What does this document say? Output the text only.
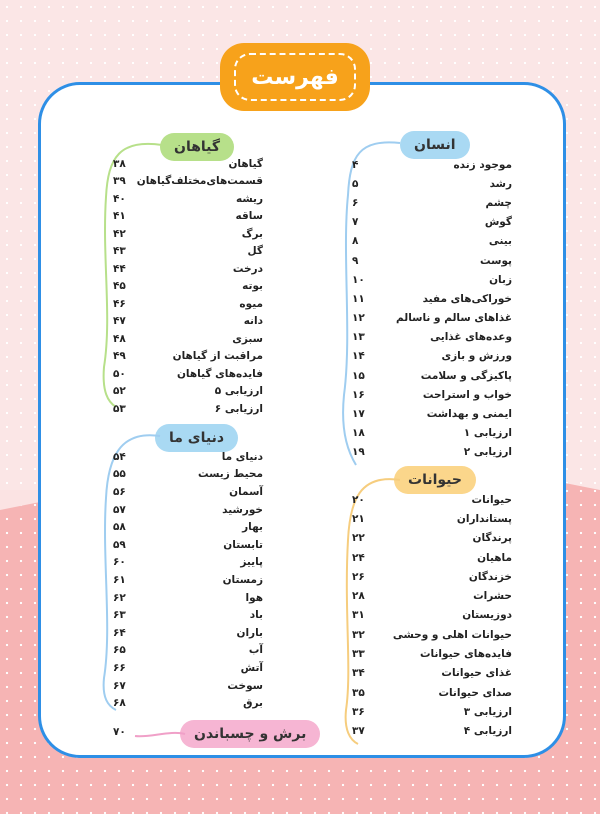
فهرست
انسان
موجود زنده
۴
رشد
۵
چشم
۶
گوش
۷
بینی
۸
پوست
۹
زبان
۱۰
خوراکی‌های مفید
۱۱
غذاهای سالم و ناسالم
۱۲
وعده‌های غذایی
۱۳
ورزش و بازی
۱۴
پاکیزگی و سلامت
۱۵
خواب و استراحت
۱۶
ایمنی و بهداشت
۱۷
ارزیابی ۱
۱۸
ارزیابی ۲
۱۹
حیوانات
حیوانات
۲۰
پستانداران
۲۱
پرندگان
۲۲
ماهیان
۲۴
خزندگان
۲۶
حشرات
۲۸
دوزیستان
۳۱
حیوانات اهلی و وحشی
۳۲
فایده‌های حیوانات
۳۳
غذای حیوانات
۳۴
صدای حیوانات
۳۵
ارزیابی ۳
۳۶
ارزیابی ۴
۳۷
گیاهان
گیاهان
۳۸
قسمت‌های‌مختلف‌گیاهان
۳۹
ریشه
۴۰
ساقه
۴۱
برگ
۴۲
گل
۴۳
درخت
۴۴
بوته
۴۵
میوه
۴۶
دانه
۴۷
سبزی
۴۸
مراقبت از گیاهان
۴۹
فایده‌های گیاهان
۵۰
ارزیابی ۵
۵۲
ارزیابی ۶
۵۳
دنیای ما
دنیای ما
۵۴
محیط زیست
۵۵
آسمان
۵۶
خورشید
۵۷
بهار
۵۸
تابستان
۵۹
پاییز
۶۰
زمستان
۶۱
هوا
۶۲
باد
۶۳
باران
۶۴
آب
۶۵
آتش
۶۶
سوخت
۶۷
برق
۶۸
برش و چسباندن
۷۰
